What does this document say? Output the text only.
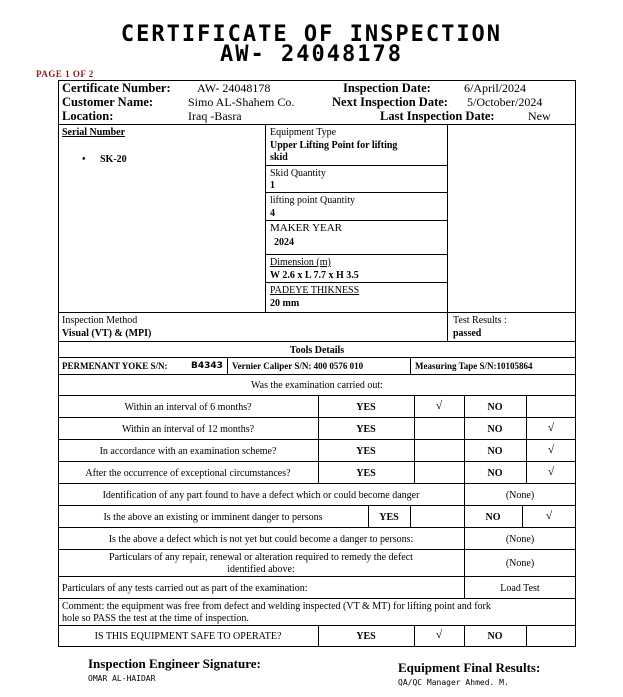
CERTIFICATE OF INSPECTION
AW- 24048178
PAGE 1 OF 2
Certificate Number: AW- 24048178	Inspection Date:	6/April/2024
Customer Name:	Simo AL-Shahem Co.	Next Inspection Date: 5/October/2024
Location:	Iraq -Basra	Last Inspection Date:	New
Serial Number
• SK-20
Equipment Type
Upper Lifting Point for lifting
skid
Skid Quantity
1
lifting point Quantity
4
MAKER YEAR
2024
Dimension (m)
W 2.6 x L 7.7 x H 3.5
PADEYE THIKNESS
20 mm
Inspection Method
Visual (VT) & (MPI)
Test Results :
passed
Tools Details
PERMENANT YOKE S/N:	B4343 Vernier Caliper S/N: 400 0576 010	Measuring Tape S/N:10105864
Was the examination carried out:
Within an interval of 6 months?	YES	√	NO
Within an interval of 12 months?	YES	NO	√
In accordance with an examination scheme?	YES	NO	√
After the occurrence of exceptional circumstances?	YES	NO	√
Identification of any part found to have a defect which or could become danger	(None)
Is the above an existing or imminent danger to persons	YES	NO	√
Is the above a defect which is not yet but could become a danger to persons:	(None)
Particulars of any repair, renewal or alteration required to remedy the defect
identified above:
(None)
Particulars of any tests carried out as part of the examination:	Load Test
Comment: the equipment was free from defect and welding inspected (VT & MT) for lifting point and fork
hole so PASS the test at the time of inspection.
IS THIS EQUIPMENT SAFE TO OPERATE?	YES	√	NO
Inspection Engineer Signature:
OMAR AL-HAIDAR
Equipment Final Results:
QA/QC Manager Ahmed. M.
